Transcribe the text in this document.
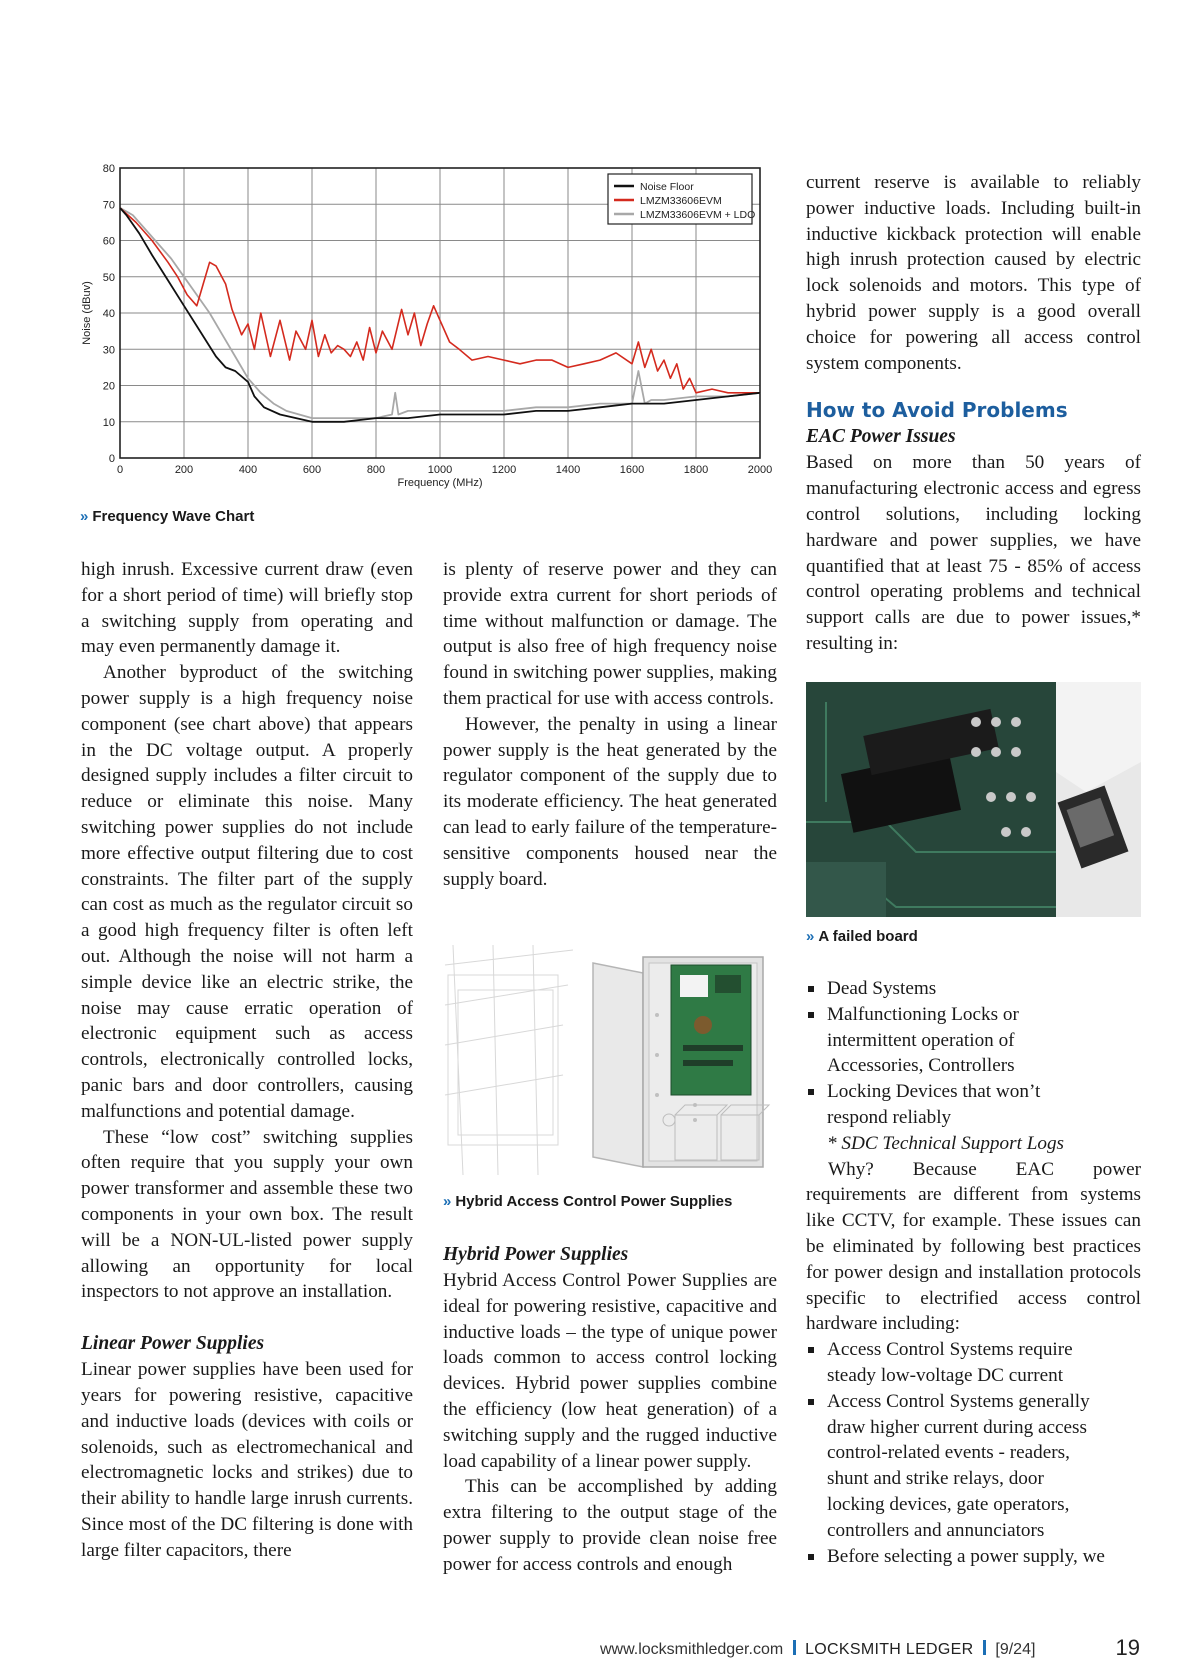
0	200	400	600	800	1000	1200	1400	1600	1800	2000
0
10
20
30
40
50
60
70
80
Frequency (MHz)
Noise (dBuv)
Noise Floor
LMZM33606EVM
LMZM33606EVM + LDO
» Frequency Wave Chart

high inrush. Excessive current draw (even for a short period of time) will briefly stop a switching supply from operating and may even permanently damage it.

Another byproduct of the switching power supply is a high frequency noise component (see chart above) that appears in the DC voltage output. A properly designed supply includes a filter circuit to reduce or eliminate this noise. Many switching power supplies do not include more effective output filtering due to cost constraints. The filter part of the supply can cost as much as the regulator circuit so a good high frequency filter is often left out. Although the noise will not harm a simple device like an electric strike, the noise may cause erratic operation of electronic equipment such as access controls, electronically controlled locks, panic bars and door controllers, causing malfunctions and potential damage.

These “low cost” switching supplies often require that you supply your own power transformer and assemble these two components in your own box. The result will be a NON-UL-listed power supply allowing an opportunity for local inspectors to not approve an installation.

Linear Power Supplies

Linear power supplies have been used for years for powering resistive, capacitive and inductive loads (devices with coils or solenoids, such as electromechanical and electromagnetic locks and strikes) due to their ability to handle large inrush currents. Since most of the DC filtering is done with large filter capacitors, there

is plenty of reserve power and they can provide extra current for short periods of time without malfunction or damage. The output is also free of high frequency noise found in switching power supplies, making them practical for use with access controls.

However, the penalty in using a linear power supply is the heat generated by the regulator component of the supply due to its moderate efficiency. The heat generated can lead to early failure of the temperature-sensitive components housed near the supply board.

» Hybrid Access Control Power Supplies
Hybrid Power Supplies

Hybrid Access Control Power Supplies are ideal for powering resistive, capacitive and inductive loads – the type of unique power loads common to access control locking devices. Hybrid power supplies combine the efficiency (low heat generation) of a switching supply and the rugged inductive load capability of a linear power supply.

This can be accomplished by adding extra filtering to the output stage of the power supply to provide clean noise free power for access controls and enough

current reserve is available to reliably power inductive loads. Including built-in inductive kickback protection will enable high inrush protection caused by electric lock solenoids and motors. This type of hybrid power supply is a good overall choice for powering all access control system components.

How to Avoid Problems
EAC Power Issues

Based on more than 50 years of manufacturing electronic access and egress control solutions, including locking hardware and power supplies, we have quantified that at least 75 - 85% of access control operating problems and technical support calls are due to power issues,* resulting in:

» A failed board
Dead Systems
Malfunctioning Locks or intermittent operation of Accessories, Controllers
Locking Devices that won’t respond reliably
* SDC Technical Support Logs

Why? Because EAC power requirements are different from systems like CCTV, for example. These issues can be eliminated by following best practices for power design and installation protocols specific to electrified access control hardware including:

Access Control Systems require steady low-voltage DC current
Access Control Systems generally draw higher current during access control-related events - readers, shunt and strike relays, door locking devices, gate operators, controllers and annunciators
Before selecting a power supply, we
www.locksmithledger.com LOCKSMITH LEDGER [9/24]	19
